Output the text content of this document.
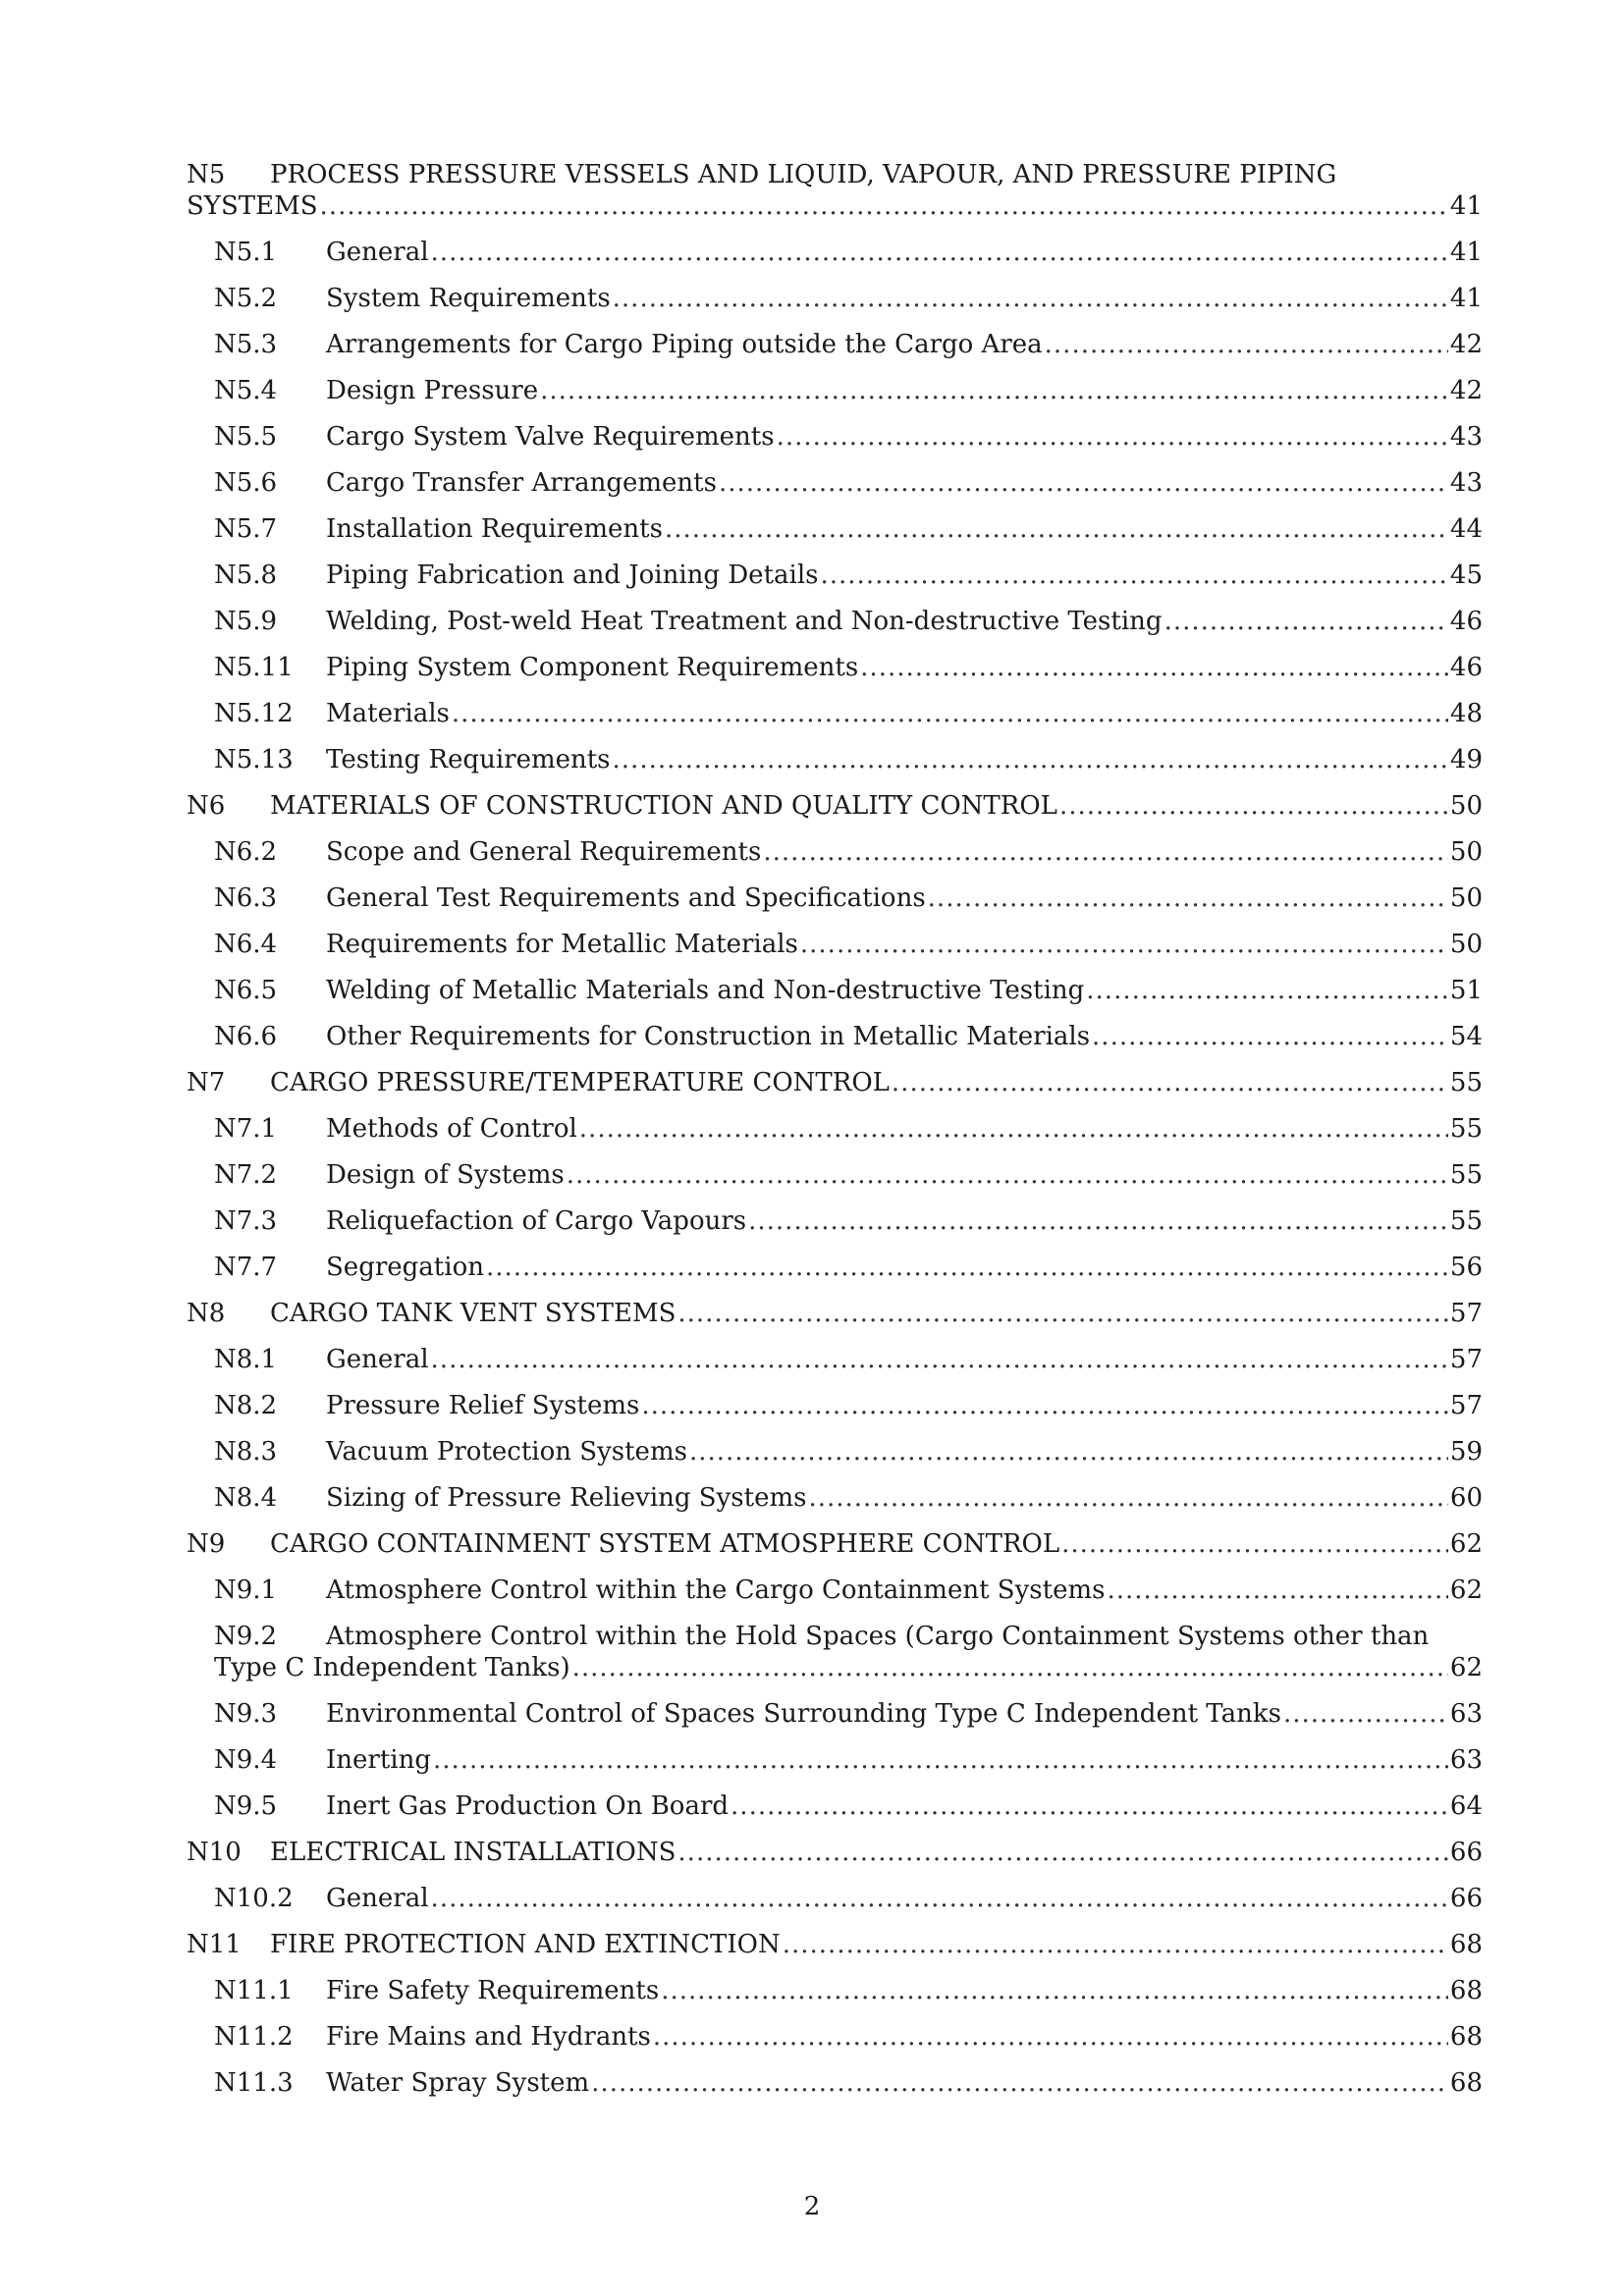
N5	PROCESS PRESSURE VESSELS AND LIQUID, VAPOUR, AND PRESSURE PIPING
SYSTEMS .....	41
N5.1	General .....	41
N5.2	System Requirements .....	41
N5.3	Arrangements for Cargo Piping outside the Cargo Area .....	42
N5.4	Design Pressure .....	42
N5.5	Cargo System Valve Requirements .....	43
N5.6	Cargo Transfer Arrangements .....	43
N5.7	Installation Requirements .....	44
N5.8	Piping Fabrication and Joining Details .....	45
N5.9	Welding, Post-weld Heat Treatment and Non-destructive Testing .....	46
N5.11	Piping System Component Requirements .....	46
N5.12	Materials .....	48
N5.13	Testing Requirements .....	49
N6	MATERIALS OF CONSTRUCTION AND QUALITY CONTROL .....	50
N6.2	Scope and General Requirements .....	50
N6.3	General Test Requirements and Specifications .....	50
N6.4	Requirements for Metallic Materials .....	50
N6.5	Welding of Metallic Materials and Non-destructive Testing .....	51
N6.6	Other Requirements for Construction in Metallic Materials .....	54
N7	CARGO PRESSURE/TEMPERATURE CONTROL .....	55
N7.1	Methods of Control .....	55
N7.2	Design of Systems .....	55
N7.3	Reliquefaction of Cargo Vapours .....	55
N7.7	Segregation .....	56
N8	CARGO TANK VENT SYSTEMS .....	57
N8.1	General .....	57
N8.2	Pressure Relief Systems .....	57
N8.3	Vacuum Protection Systems .....	59
N8.4	Sizing of Pressure Relieving Systems .....	60
N9	CARGO CONTAINMENT SYSTEM ATMOSPHERE CONTROL .....	62
N9.1	Atmosphere Control within the Cargo Containment Systems .....	62
N9.2	Atmosphere Control within the Hold Spaces (Cargo Containment Systems other than
Type C Independent Tanks) .....	62
N9.3	Environmental Control of Spaces Surrounding Type C Independent Tanks .....	63
N9.4	Inerting .....	63
N9.5	Inert Gas Production On Board .....	64
N10	ELECTRICAL INSTALLATIONS .....	66
N10.2	General .....	66
N11	FIRE PROTECTION AND EXTINCTION .....	68
N11.1	Fire Safety Requirements .....	68
N11.2	Fire Mains and Hydrants .....	68
N11.3	Water Spray System .....	68
2
